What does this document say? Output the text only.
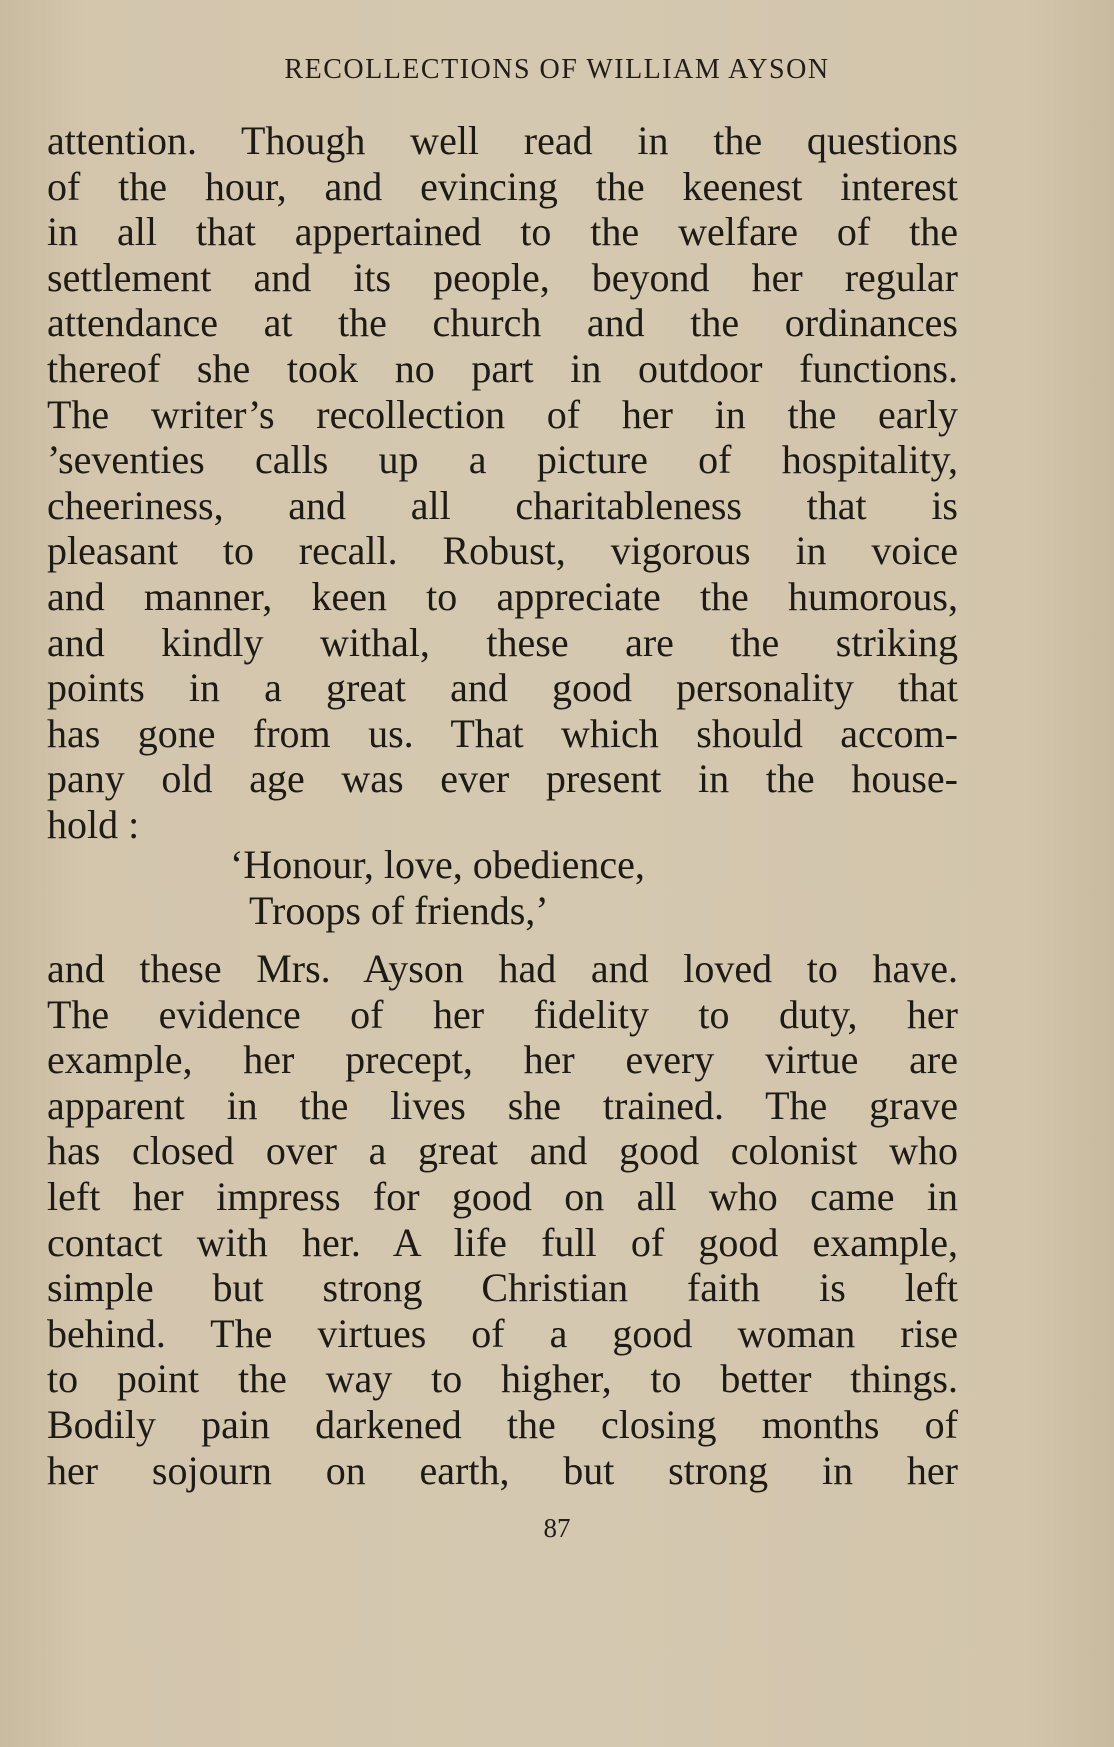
RECOLLECTIONS OF WILLIAM AYSON
attention. Though well read in the questions
of the hour, and evincing the keenest interest
in all that appertained to the welfare of the
settlement and its people, beyond her regular
attendance at the church and the ordinances
thereof she took no part in outdoor functions.
The writer’s recollection of her in the early
’seventies calls up a picture of hospitality,
cheeriness, and all charitableness that is
pleasant to recall. Robust, vigorous in voice
and manner, keen to appreciate the humorous,
and kindly withal, these are the striking
points in a great and good personality that
has gone from us. That which should accom-
pany old age was ever present in the house-
hold :
‘Honour, love, obedience,
Troops of friends,’
and these Mrs. Ayson had and loved to have.
The evidence of her fidelity to duty, her
example, her precept, her every virtue are
apparent in the lives she trained. The grave
has closed over a great and good colonist who
left her impress for good on all who came in
contact with her. A life full of good example,
simple but strong Christian faith is left
behind. The virtues of a good woman rise
to point the way to higher, to better things.
Bodily pain darkened the closing months of
her sojourn on earth, but strong in her
87
